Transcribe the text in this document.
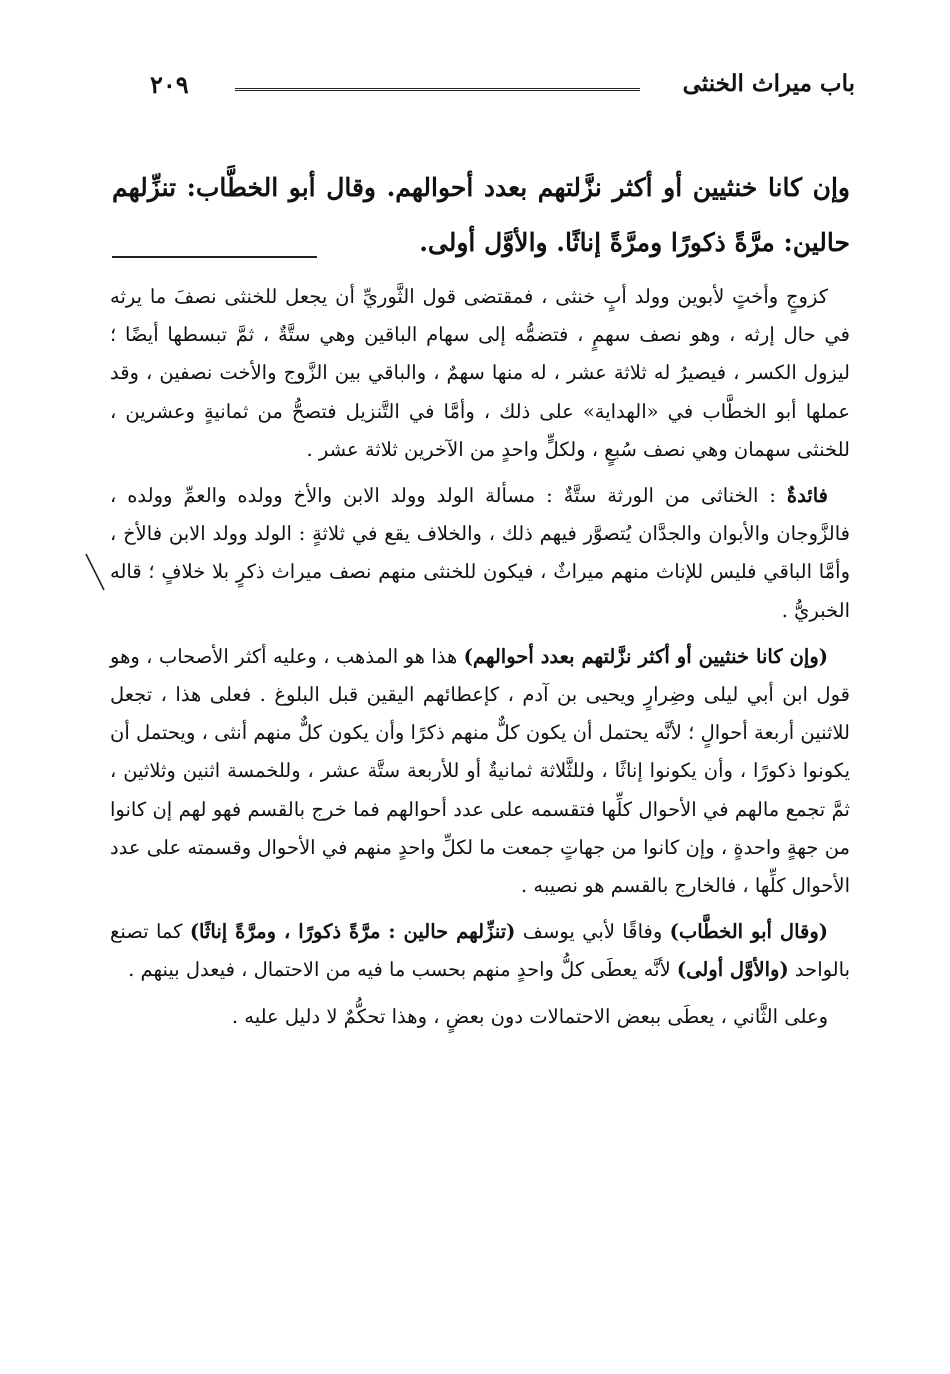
باب ميراث الخنثى
٢٠٩
وإن كانا خنثيين أو أكثر نزَّلتهم بعدد أحوالهم. وقال أبو الخطَّاب: تنزِّلهم حالين: مرَّةً ذكورًا ومرَّةً إناثًا. والأوَّل أولى.

كزوجٍ وأختٍ لأبوين وولد أبٍ خنثى ، فمقتضى قول الثَّوريِّ أن يجعل للخنثى نصفَ ما يرثه في حال إرثه ، وهو نصف سهمٍ ، فتضمُّه إلى سهام الباقين وهي ستَّةٌ ، ثمَّ تبسطها أيضًا ؛ ليزول الكسر ، فيصيرُ له ثلاثة عشر ، له منها سهمٌ ، والباقي بين الزَّوج والأخت نصفين ، وقد عملها أبو الخطَّاب في «الهداية» على ذلك ، وأمَّا في التَّنزيل فتصحُّ من ثمانيةٍ وعشرين ، للخنثى سهمان وهي نصف سُبعٍ ، ولكلٍّ واحدٍ من الآخرين ثلاثة عشر .

فائدةٌ : الخناثى من الورثة ستَّةٌ : مسألة الولد وولد الابن والأخ وولده والعمِّ وولده ، فالزَّوجان والأبوان والجدَّان يُتصوَّر فيهم ذلك ، والخلاف يقع في ثلاثةٍ : الولد وولد الابن فالأخ ، وأمَّا الباقي فليس للإناث منهم ميراثٌ ، فيكون للخنثى منهم نصف ميراث ذكرٍ بلا خلافٍ ؛ قاله الخبريُّ .

(وإن كانا خنثيين أو أكثر نزَّلتهم بعدد أحوالهم) هذا هو المذهب ، وعليه أكثر الأصحاب ، وهو قول ابن أبي ليلى وضِرارٍ ويحيى بن آدم ، كإعطائهم اليقين قبل البلوغ . فعلى هذا ، تجعل للاثنين أربعة أحوالٍ ؛ لأنَّه يحتمل أن يكون كلٌّ منهم ذكرًا وأن يكون كلٌّ منهم أنثى ، ويحتمل أن يكونوا ذكورًا ، وأن يكونوا إناثًا ، وللثَّلاثة ثمانيةٌ أو للأربعة ستَّة عشر ، وللخمسة اثنين وثلاثين ، ثمَّ تجمع مالهم في الأحوال كلِّها فتقسمه على عدد أحوالهم فما خرج بالقسم فهو لهم إن كانوا من جهةٍ واحدةٍ ، وإن كانوا من جهاتٍ جمعت ما لكلِّ واحدٍ منهم في الأحوال وقسمته على عدد الأحوال كلِّها ، فالخارج بالقسم هو نصيبه .

(وقال أبو الخطَّاب) وفاقًا لأبي يوسف (تنزِّلهم حالين : مرَّةً ذكورًا ، ومرَّةً إناثًا) كما تصنع بالواحد (والأوَّل أولى) لأنَّه يعطَى كلُّ واحدٍ منهم بحسب ما فيه من الاحتمال ، فيعدل بينهم .

وعلى الثَّاني ، يعطَى ببعض الاحتمالات دون بعضٍ ، وهذا تحكُّمٌ لا دليل عليه .
